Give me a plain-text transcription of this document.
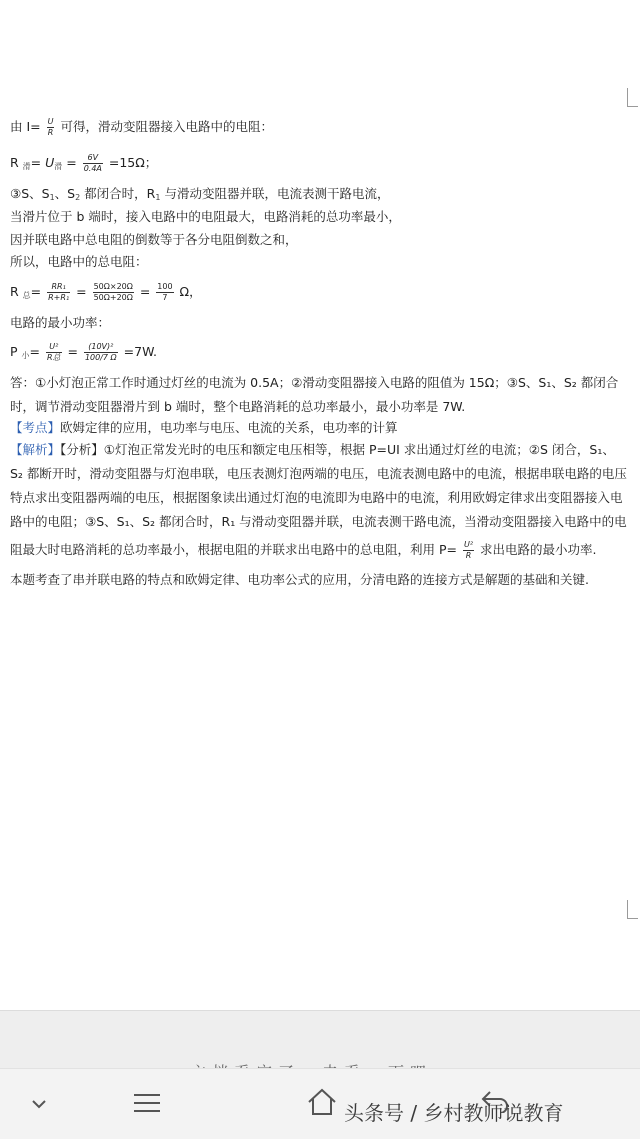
由 $I= \frac{U}{R}$ 可得，滑动变阻器接入电路中的电阻：
R $_滑= U_滑 = \frac{6V}{0.4A} =15\Omega$；
③S、$S_1$、$S_2$ 都闭合时，$R_1$ 与滑动变阻器并联，电流表测干路电流，
当滑片位于 b 端时，接入电路中的电阻最大，电路消耗的总功率最小，
因并联电路中总电阻的倒数等于各分电阻倒数之和，
所以，电路中的总电阻：
R $_总= \frac{\text{RR₁}}{\text{R+R₁}} = \frac{50\Omega\times 20\Omega}{50\Omega+20\Omega} = \frac{100}{7}$ Ω，
电路的最小功率：
P $_小= \frac{\text{U²}}{\text{R总}} = \frac{\text{(10V)²}}{100/7 \Omega} =7W$.
答：①小灯泡正常工作时通过灯丝的电流为 0.5A；②滑动变阻器接入电路的阻值为 15Ω；③S、S₁、S₂ 都闭合
时，调节滑动变阻器滑片到 b 端时，整个电路消耗的总功率最小，最小功率是 7W.
【考点】欧姆定律的应用，电功率与电压、电流的关系，电功率的计算
【解析】【分析】①灯泡正常发光时的电压和额定电压相等，根据 P=UI 求出通过灯丝的电流；②S 闭合，S₁、
S₂ 都断开时，滑动变阻器与灯泡串联，电压表测灯泡两端的电压，电流表测电路中的电流，根据串联电路的电压
特点求出变阻器两端的电压，根据图象读出通过灯泡的电流即为电路中的电流，利用欧姆定律求出变阻器接入电
路中的电阻；③S、S₁、S₂ 都闭合时，R₁ 与滑动变阻器并联，电流表测干路电流，当滑动变阻器接入电路中的电
阻最大时电路消耗的总功率最小，根据电阻的并联求出电路中的总电阻，利用 $P= \frac{\text{U²}}{R}$ 求出电路的最小功率.
本题考查了串并联电路的特点和欧姆定律、电功率公式的应用，分清电路的连接方式是解题的基础和关键.
头条号 / 乡村教师说教育
